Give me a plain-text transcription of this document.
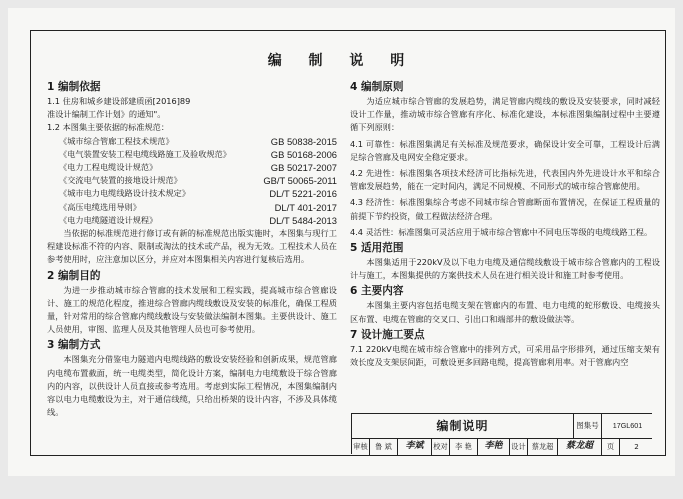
编 制 说 明
1 编制依据

1.1 住房和城乡建设部建质函[2016]89

准设计编制工作计划》的通知"。

1.2 本图集主要依据的标准规范：

《城市综合管廊工程技术规范》	GB 50838-2015
《电气装置安装工程电缆线路施工及验收规范》	GB 50168-2006
《电力工程电缆设计规范》	GB 50217-2007
《交流电气装置的接地设计规范》	GB/T 50065-2011
《城市电力电缆线路设计技术规定》	DL/T 5221-2016
《高压电缆选用导则》	DL/T 401-2017
《电力电缆隧道设计规程》	DL/T 5484-2013

当依据的标准规范进行修订或有新的标准规范出版实施时，本图集与现行工程建设标准不符的内容、限制或淘汰的技术或产品，视为无效。工程技术人员在参考使用时，应注意加以区分，并应对本图集相关内容进行复核后选用。

2 编制目的

为进一步推动城市综合管廊的技术发展和工程实践，提高城市综合管廊设计、施工的规范化程度，推进综合管廊内缆线敷设及安装的标准化，确保工程质量，针对常用的综合管廊内缆线敷设与安装做法编制本图集。主要供设计、施工人员使用，审图、监理人员及其他管理人员也可参考使用。

3 编制方式

本图集充分借鉴电力隧道内电缆线路的敷设安装经验和创新成果，规范管廊内电缆布置截面，统一电缆类型，简化设计方案，编制电力电缆敷设于综合管廊内的内容，以供设计人员直接或参考选用。考虑到实际工程情况，本图集编制内容以电力电缆敷设为主，对于通信线缆，只给出桥架的设计内容，不涉及具体缆线。

4 编制原则

为适应城市综合管廊的发展趋势，满足管廊内缆线的敷设及安装要求，同时减轻设计工作量，推动城市综合管廊有序化、标准化建设，本标准图集编制过程中主要遵循下列原则：

4.1 可靠性：标准图集满足有关标准及规范要求，确保设计安全可靠，工程设计后满足综合管廊及电网安全稳定要求。

4.2 先进性：标准图集各项技术经济可比指标先进，代表国内外先进设计水平和综合管廊发展趋势，能在一定时间内，满足不同规模、不同形式的城市综合管廊使用。

4.3 经济性：标准图集综合考虑不同城市综合管廊断面布置情况，在保证工程质量的前提下节约投资，做工程做法经济合理。

4.4 灵活性：标准图集可灵活应用于城市综合管廊中不同电压等级的电缆线路工程。

5 适用范围

本图集适用于220kV及以下电力电缆及通信缆线敷设于城市综合管廊内的工程设计与施工，本图集提供的方案供技术人员在进行相关设计和施工时参考使用。

6 主要内容

本图集主要内容包括电缆支架在管廊内的布置、电力电缆的蛇形敷设、电缆接头区布置、电缆在管廊的交叉口、引出口和端部井的敷设做法等。

7 设计施工要点

7.1 220kV电缆在城市综合管廊中的排列方式，可采用品字形排列，通过压缩支架有效长度及支架层间距，可敷设更多回路电缆，提高管廊利用率。对于管廊内空

编制说明	图集号	17GL601
审核	鲁 斌	李斌	校对	李 艳	李艳	设计 蔡龙超	蔡龙超	页	2
